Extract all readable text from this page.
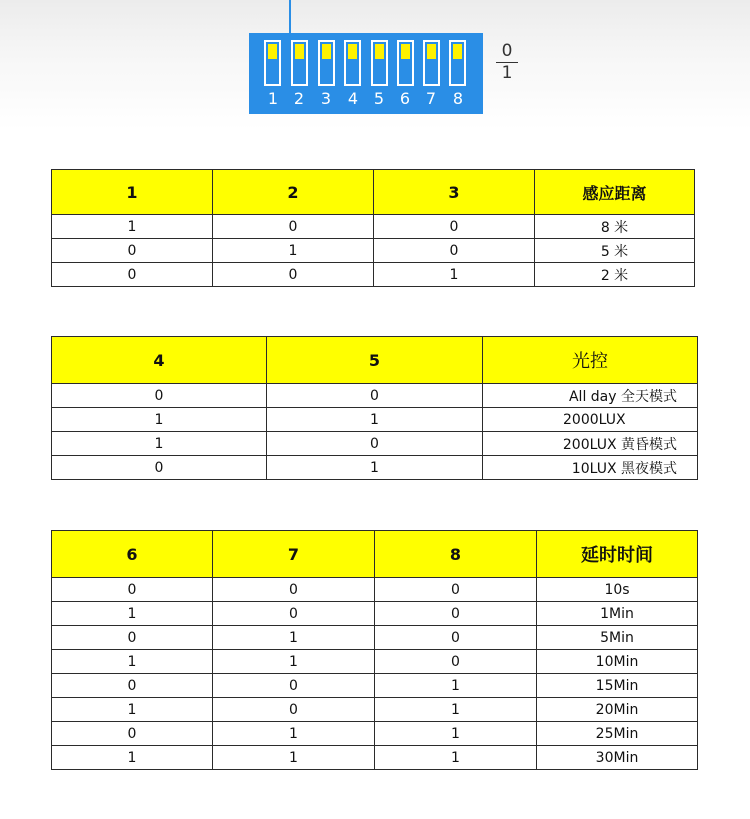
1 2	3	4 5 6 7	8
0
1
1	2	3	感应距离
1	0	0	8 米
0	1	0	5 米
0	0	1	2 米
4	5	光控
0	0	All day 全天模式
1	1	2000LUX
1	0	200LUX 黄昏模式
0	1	10LUX 黑夜模式
6	7	8	延时时间
0	0	0	10s
1	0	0	1Min
0	1	0	5Min
1	1	0	10Min
0	0	1	15Min
1	0	1	20Min
0	1	1	25Min
1	1	1	30Min
